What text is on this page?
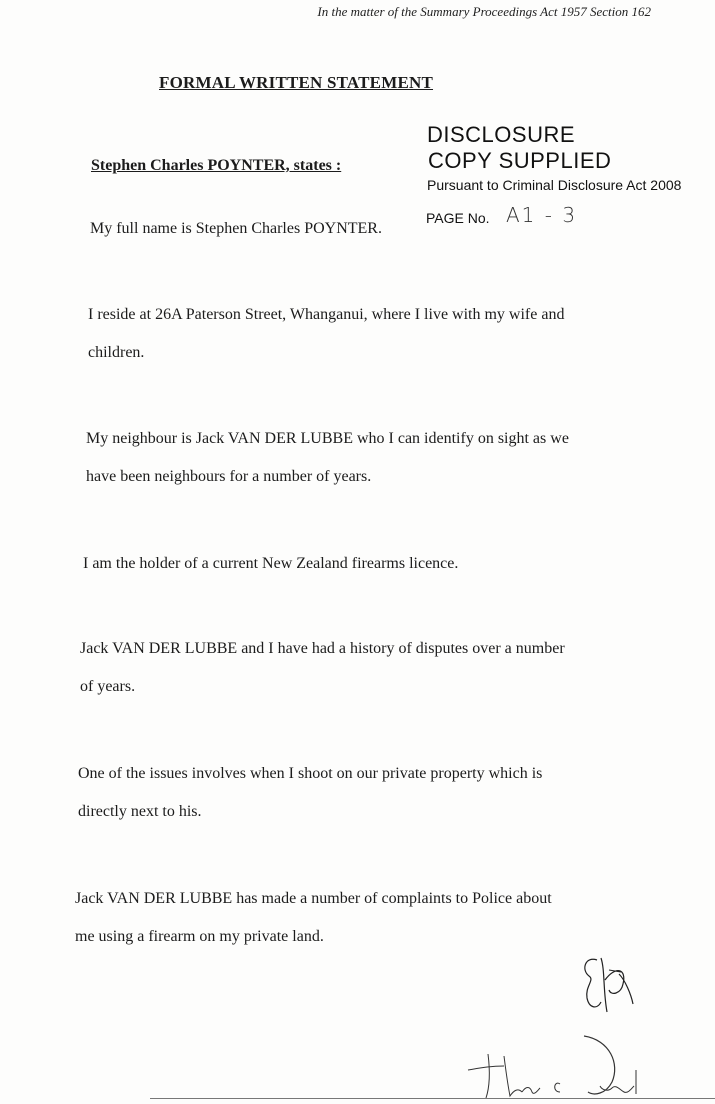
In the matter of the Summary Proceedings Act 1957 Section 162
FORMAL WRITTEN STATEMENT
DISCLOSURE
COPY SUPPLIED
Pursuant to Criminal Disclosure Act 2008
PAGE No. A1 - 3
Stephen Charles POYNTER, states :
My full name is Stephen Charles POYNTER.
I reside at 26A Paterson Street, Whanganui, where I live with my wife and
children.
My neighbour is Jack VAN DER LUBBE who I can identify on sight as we
have been neighbours for a number of years.
I am the holder of a current New Zealand firearms licence.
Jack VAN DER LUBBE and I have had a history of disputes over a number
of years.
One of the issues involves when I shoot on our private property which is
directly next to his.
Jack VAN DER LUBBE has made a number of complaints to Police about
me using a firearm on my private land.
